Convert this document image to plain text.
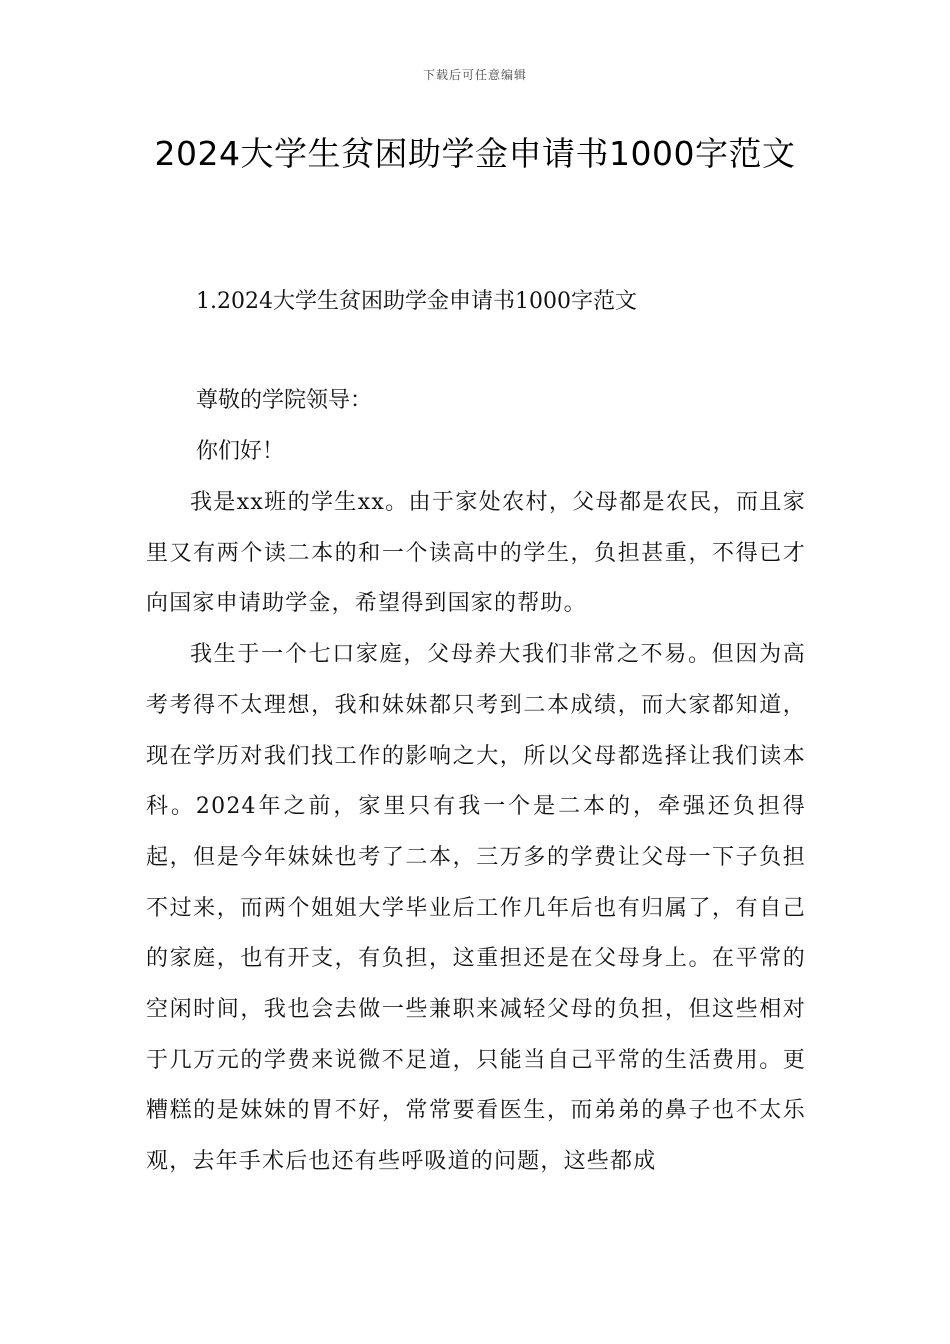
下载后可任意编辑
2024大学生贫困助学金申请书1000字范文
1.2024大学生贫困助学金申请书1000字范文
尊敬的学院领导：
你们好！

我是xx班的学生xx。由于家处农村，父母都是农民，而且家里又有两个读二本的和一个读高中的学生，负担甚重，不得已才向国家申请助学金，希望得到国家的帮助。

我生于一个七口家庭，父母养大我们非常之不易。但因为高考考得不太理想，我和妹妹都只考到二本成绩，而大家都知道，现在学历对我们找工作的影响之大，所以父母都选择让我们读本科。2024年之前，家里只有我一个是二本的，牵强还负担得起，但是今年妹妹也考了二本，三万多的学费让父母一下子负担不过来，而两个姐姐大学毕业后工作几年后也有归属了，有自己的家庭，也有开支，有负担，这重担还是在父母身上。在平常的空闲时间，我也会去做一些兼职来减轻父母的负担，但这些相对于几万元的学费来说微不足道，只能当自己平常的生活费用。更糟糕的是妹妹的胃不好，常常要看医生，而弟弟的鼻子也不太乐观，去年手术后也还有些呼吸道的问题，这些都成
